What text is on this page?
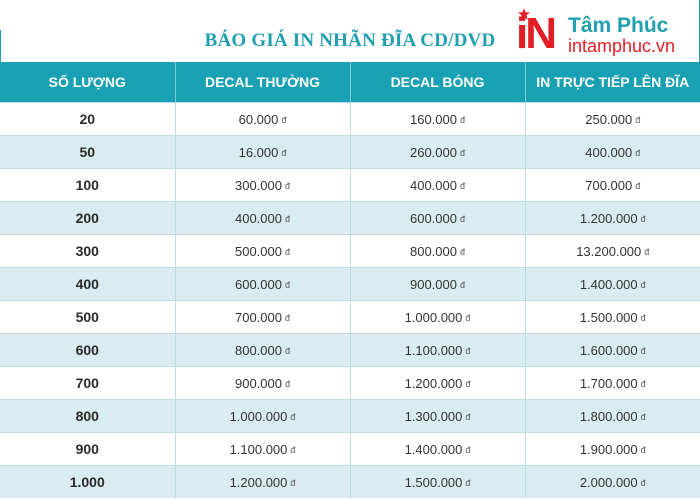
BÁO GIÁ IN NHÃN ĐĨA CD/DVD iN Tâm Phúc
intamphuc.vn
SỐ LƯỢNG	DECAL THƯỜNG	DECAL BÓNG	IN TRỰC TIẾP LÊN ĐĨA
20	60.000 đ	160.000 đ	250.000 đ
50	16.000 đ	260.000 đ	400.000 đ
100	300.000 đ	400.000 đ	700.000 đ
200	400.000 đ	600.000 đ	1.200.000 đ
300	500.000 đ	800.000 đ	13.200.000 đ
400	600.000 đ	900.000 đ	1.400.000 đ
500	700.000 đ	1.000.000 đ	1.500.000 đ
600	800.000 đ	1.100.000 đ	1.600.000 đ
700	900.000 đ	1.200.000 đ	1.700.000 đ
800	1.000.000 đ	1.300.000 đ	1.800.000 đ
900	1.100.000 đ	1.400.000 đ	1.900.000 đ
1.000	1.200.000 đ	1.500.000 đ	2.000.000 đ
